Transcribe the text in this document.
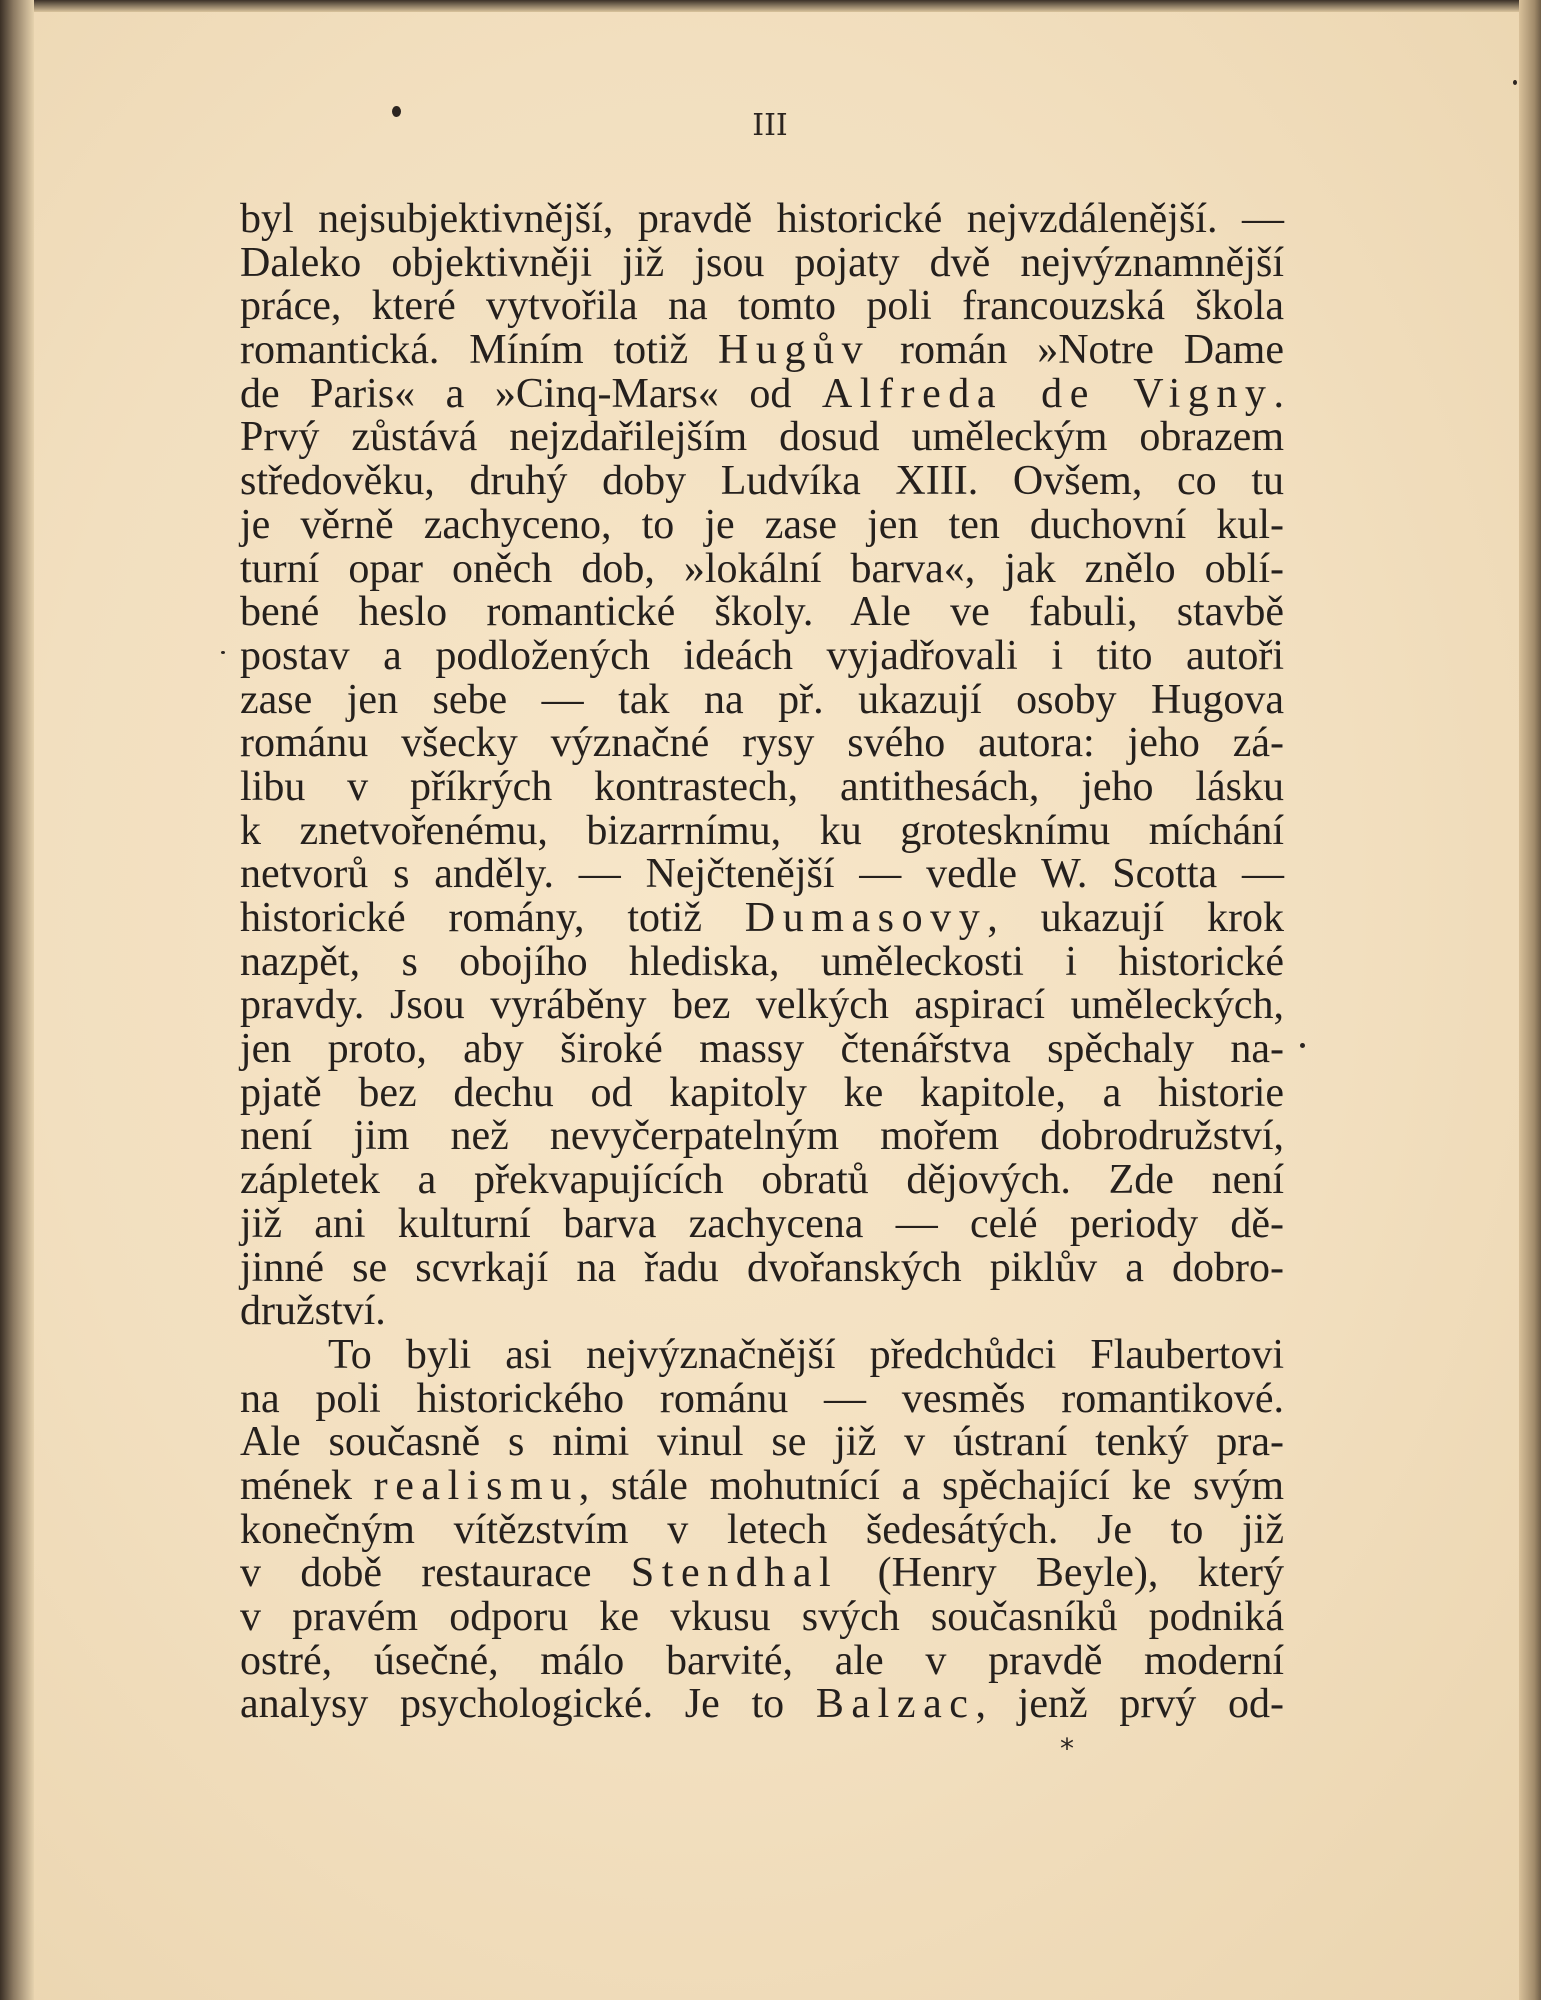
III
byl nejsubjektivnější, pravdě historické nejvzdálenější. —
Daleko objektivněji již jsou pojaty dvě nejvýznamnější
práce, které vytvořila na tomto poli francouzská škola
romantická. Míním totiž Hugův román »Notre Dame
de Paris« a »Cinq-Mars« od Alfreda de Vigny.
Prvý zůstává nejzdařilejším dosud uměleckým obrazem
středověku, druhý doby Ludvíka XIII. Ovšem, co tu
je věrně zachyceno, to je zase jen ten duchovní kul-
turní opar oněch dob, »lokální barva«, jak znělo oblí-
bené heslo romantické školy. Ale ve fabuli, stavbě
postav a podložených ideách vyjadřovali i tito autoři
zase jen sebe — tak na př. ukazují osoby Hugova
románu všecky význačné rysy svého autora: jeho zá-
libu v příkrých kontrastech, antithesách, jeho lásku
k znetvořenému, bizarrnímu, ku grotesknímu míchání
netvorů s anděly. — Nejčtenější — vedle W. Scotta —
historické romány, totiž Dumasovy, ukazují krok
nazpět, s obojího hlediska, uměleckosti i historické
pravdy. Jsou vyráběny bez velkých aspirací uměleckých,
jen proto, aby široké massy čtenářstva spěchaly na-
pjatě bez dechu od kapitoly ke kapitole, a historie
není jim než nevyčerpatelným mořem dobrodružství,
zápletek a překvapujících obratů dějových. Zde není
již ani kulturní barva zachycena — celé periody dě-
jinné se scvrkají na řadu dvořanských piklův a dobro-
družství.
To byli asi nejvýznačnější předchůdci Flaubertovi
na poli historického románu — vesměs romantikové.
Ale současně s nimi vinul se již v ústraní tenký pra-
mének realismu, stále mohutnící a spěchající ke svým
konečným vítězstvím v letech šedesátých. Je to již
v době restaurace Stendhal (Henry Beyle), který
v pravém odporu ke vkusu svých současníků podniká
ostré, úsečné, málo barvité, ale v pravdě moderní
analysy psychologické. Je to Balzac, jenž prvý od-
*
